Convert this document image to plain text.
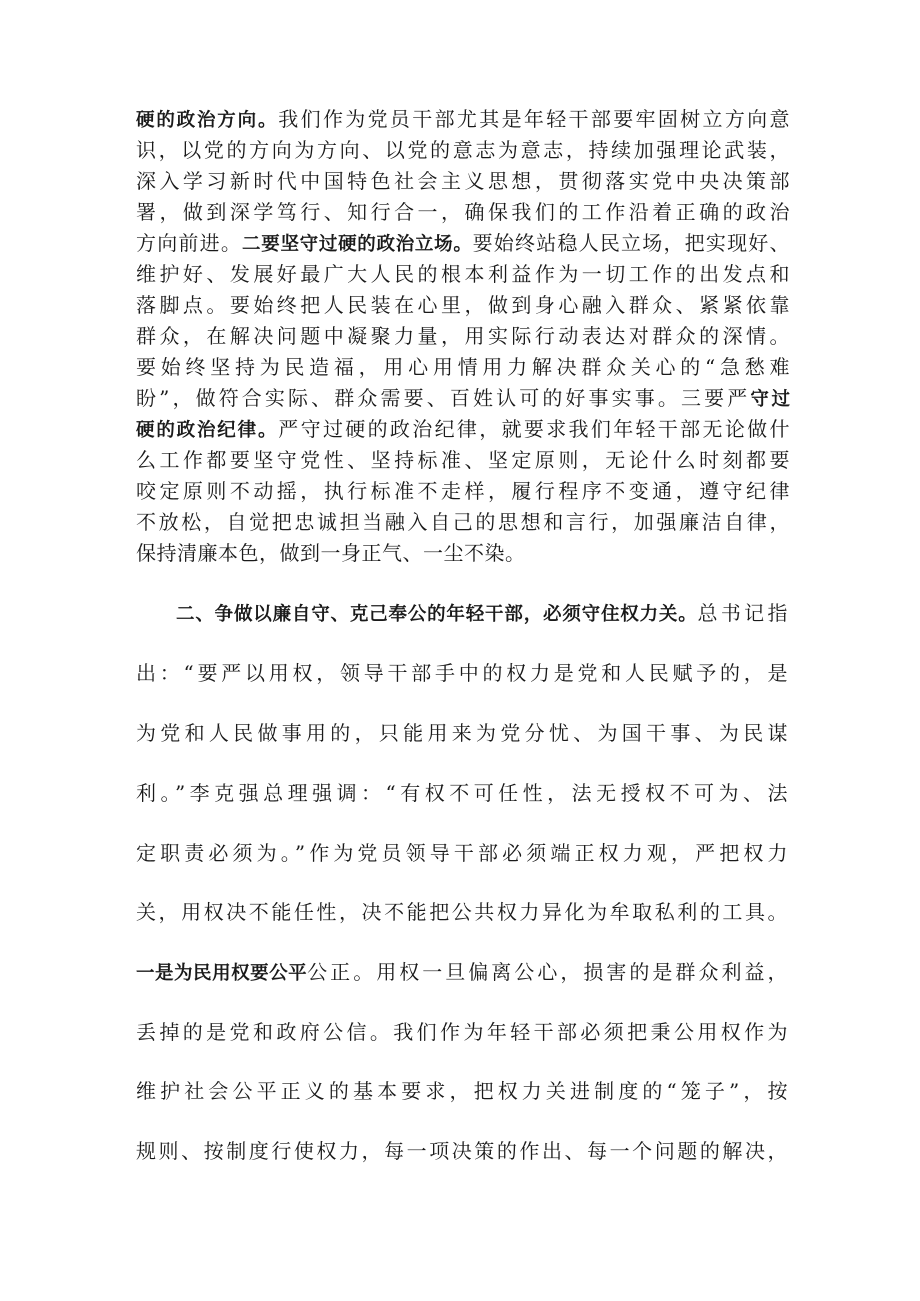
硬的政治方向。我们作为党员干部尤其是年轻干部要牢固树立方向意
识，以党的方向为方向、以党的意志为意志，持续加强理论武装，
深入学习新时代中国特色社会主义思想，贯彻落实党中央决策部
署，做到深学笃行、知行合一，确保我们的工作沿着正确的政治
方向前进。二要坚守过硬的政治立场。要始终站稳人民立场，把实现好、
维护好、发展好最广大人民的根本利益作为一切工作的出发点和
落脚点。要始终把人民装在心里，做到身心融入群众、紧紧依靠
群众，在解决问题中凝聚力量，用实际行动表达对群众的深情。
要始终坚持为民造福，用心用情用力解决群众关心的“急愁难
盼”，做符合实际、群众需要、百姓认可的好事实事。三要严守过
硬的政治纪律。严守过硬的政治纪律，就要求我们年轻干部无论做什
么工作都要坚守党性、坚持标准、坚定原则，无论什么时刻都要
咬定原则不动摇，执行标准不走样，履行程序不变通，遵守纪律
不放松，自觉把忠诚担当融入自己的思想和言行，加强廉洁自律，
保持清廉本色，做到一身正气、一尘不染。
二、争做以廉自守、克己奉公的年轻干部，必须守住权力关。总书记指
出：“要严以用权，领导干部手中的权力是党和人民赋予的，是
为党和人民做事用的，只能用来为党分忧、为国干事、为民谋
利。”李克强总理强调：“有权不可任性，法无授权不可为、法
定职责必须为。”作为党员领导干部必须端正权力观，严把权力
关，用权决不能任性，决不能把公共权力异化为牟取私利的工具。
一是为民用权要公平公正。用权一旦偏离公心，损害的是群众利益，
丢掉的是党和政府公信。我们作为年轻干部必须把秉公用权作为
维护社会公平正义的基本要求，把权力关进制度的“笼子”，按
规则、按制度行使权力，每一项决策的作出、每一个问题的解决，
